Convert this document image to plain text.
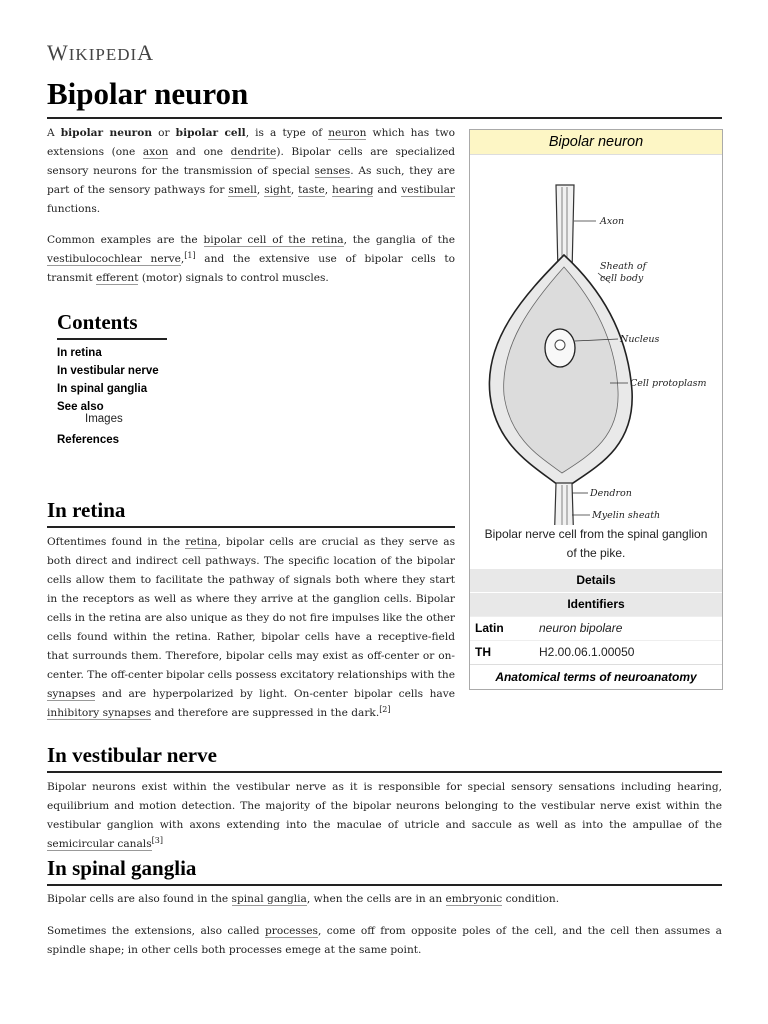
WIKIPEDIA
Bipolar neuron

A bipolar neuron or bipolar cell, is a type of neuron which has two extensions (one axon and one dendrite). Bipolar cells are specialized sensory neurons for the transmission of special senses. As such, they are part of the sensory pathways for smell, sight, taste, hearing and vestibular functions.

Common examples are the bipolar cell of the retina, the ganglia of the vestibulocochlear nerve,[1] and the extensive use of bipolar cells to transmit efferent (motor) signals to control muscles.

Contents
In retina
In vestibular nerve
In spinal ganglia
See also
Images
References
In retina

Oftentimes found in the retina, bipolar cells are crucial as they serve as both direct and indirect cell pathways. The specific location of the bipolar cells allow them to facilitate the pathway of signals both where they start in the receptors as well as where they arrive at the ganglion cells. Bipolar cells in the retina are also unique as they do not fire impulses like the other cells found within the retina. Rather, bipolar cells have a receptive-field that surrounds them. Therefore, bipolar cells may exist as off-center or on-center. The off-center bipolar cells possess excitatory relationships with the synapses and are hyperpolarized by light. On-center bipolar cells have inhibitory synapses and therefore are suppressed in the dark.[2]

In vestibular nerve

Bipolar neurons exist within the vestibular nerve as it is responsible for special sensory sensations including hearing, equilibrium and motion detection. The majority of the bipolar neurons belonging to the vestibular nerve exist within the vestibular ganglion with axons extending into the maculae of utricle and saccule as well as into the ampullae of the semicircular canals[3]

In spinal ganglia

Bipolar cells are also found in the spinal ganglia, when the cells are in an embryonic condition.

Sometimes the extensions, also called processes, come off from opposite poles of the cell, and the cell then assumes a spindle shape; in other cells both processes emege at the same point.

Bipolar neuron
Axon
Sheath of
cell body
Nucleus
Cell protoplasm
Dendron
Myelin sheath
Bipolar nerve cell from the spinal ganglion of the pike.
Details
Identifiers
Latin	neuron bipolare
TH	H2.00.06.1.00050
Anatomical terms of neuroanatomy
